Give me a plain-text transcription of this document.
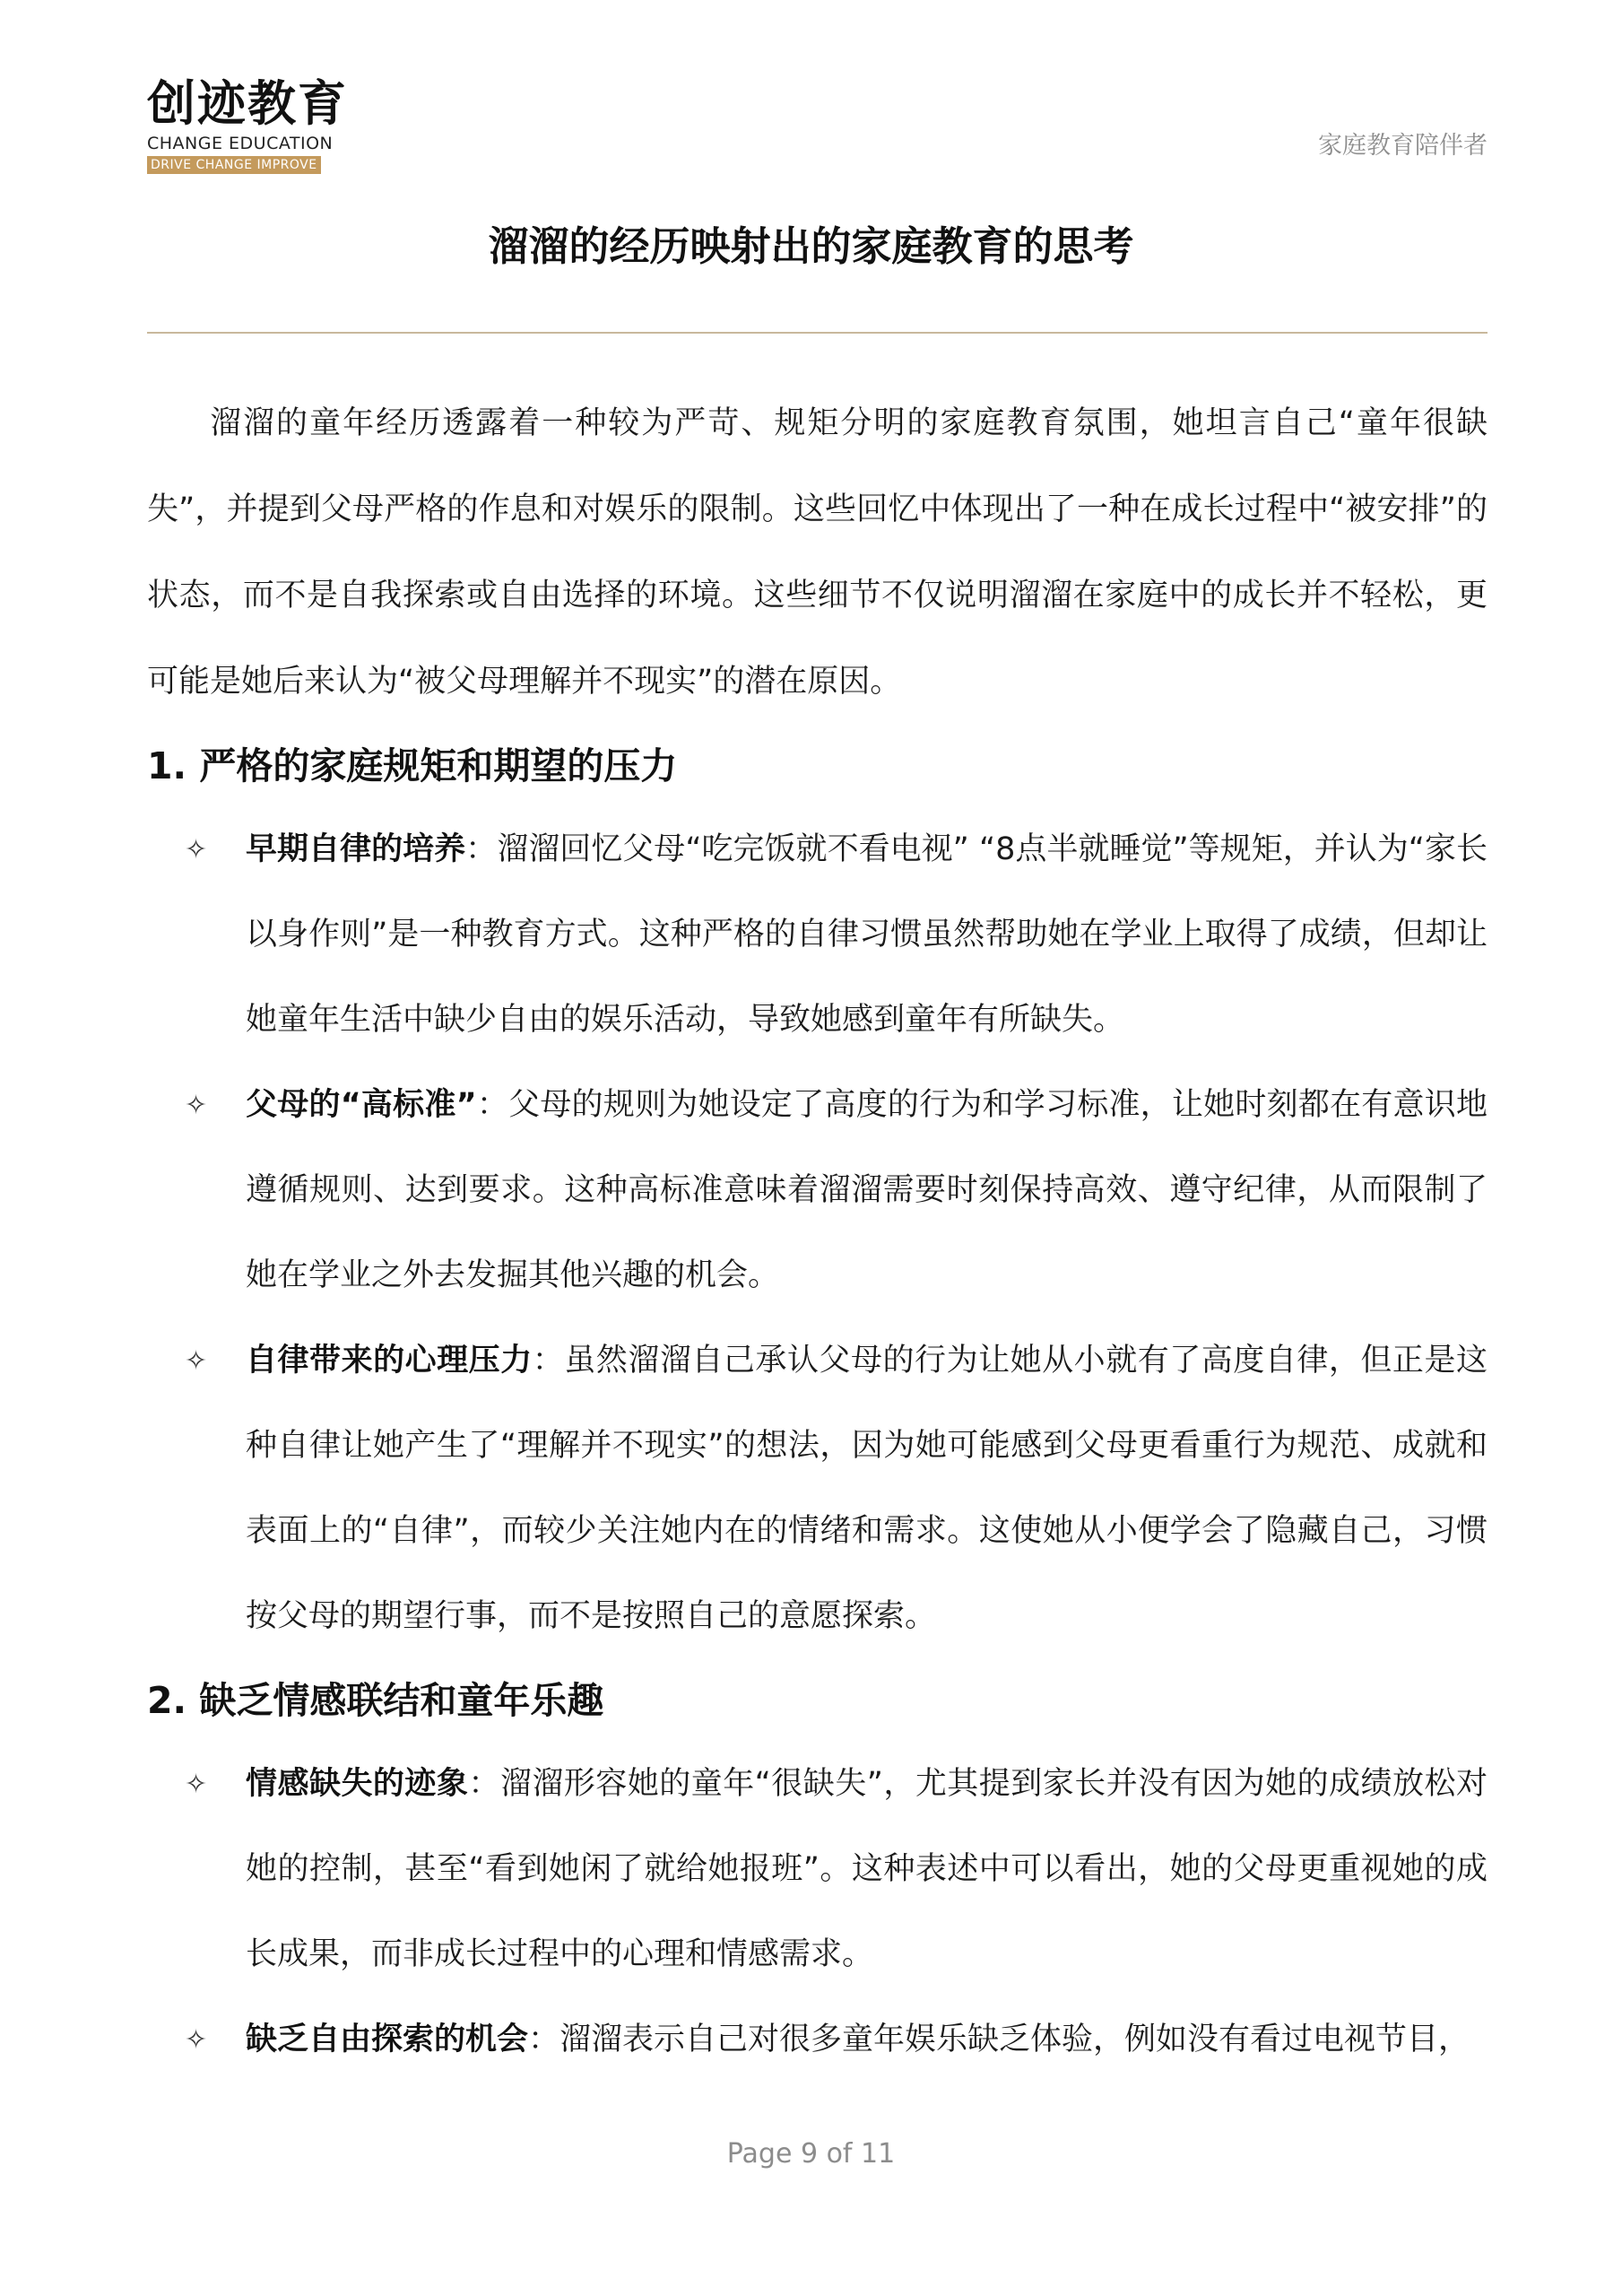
创迹教育
CHANGE EDUCATION
DRIVE CHANGE IMPROVE
家庭教育陪伴者
溜溜的经历映射出的家庭教育的思考

溜溜的童年经历透露着一种较为严苛、规矩分明的家庭教育氛围，她坦言自己“童年很缺失”，并提到父母严格的作息和对娱乐的限制。这些回忆中体现出了一种在成长过程中“被安排”的状态，而不是自我探索或自由选择的环境。这些细节不仅说明溜溜在家庭中的成长并不轻松，更可能是她后来认为“被父母理解并不现实”的潜在原因。

1. 严格的家庭规矩和期望的压力

✧ 早期自律的培养：溜溜回忆父母“吃完饭就不看电视” “8点半就睡觉”等规矩，并认为“家长以身作则”是一种教育方式。这种严格的自律习惯虽然帮助她在学业上取得了成绩，但却让她童年生活中缺少自由的娱乐活动，导致她感到童年有所缺失。

✧ 父母的“高标准”：父母的规则为她设定了高度的行为和学习标准，让她时刻都在有意识地遵循规则、达到要求。这种高标准意味着溜溜需要时刻保持高效、遵守纪律，从而限制了她在学业之外去发掘其他兴趣的机会。

✧ 自律带来的心理压力：虽然溜溜自己承认父母的行为让她从小就有了高度自律，但正是这种自律让她产生了“理解并不现实”的想法，因为她可能感到父母更看重行为规范、成就和表面上的“自律”，而较少关注她内在的情绪和需求。这使她从小便学会了隐藏自己，习惯按父母的期望行事，而不是按照自己的意愿探索。

2. 缺乏情感联结和童年乐趣

✧ 情感缺失的迹象：溜溜形容她的童年“很缺失”，尤其提到家长并没有因为她的成绩放松对她的控制，甚至“看到她闲了就给她报班”。这种表述中可以看出，她的父母更重视她的成长成果，而非成长过程中的心理和情感需求。

✧ 缺乏自由探索的机会：溜溜表示自己对很多童年娱乐缺乏体验，例如没有看过电视节目，

Page 9 of 11
